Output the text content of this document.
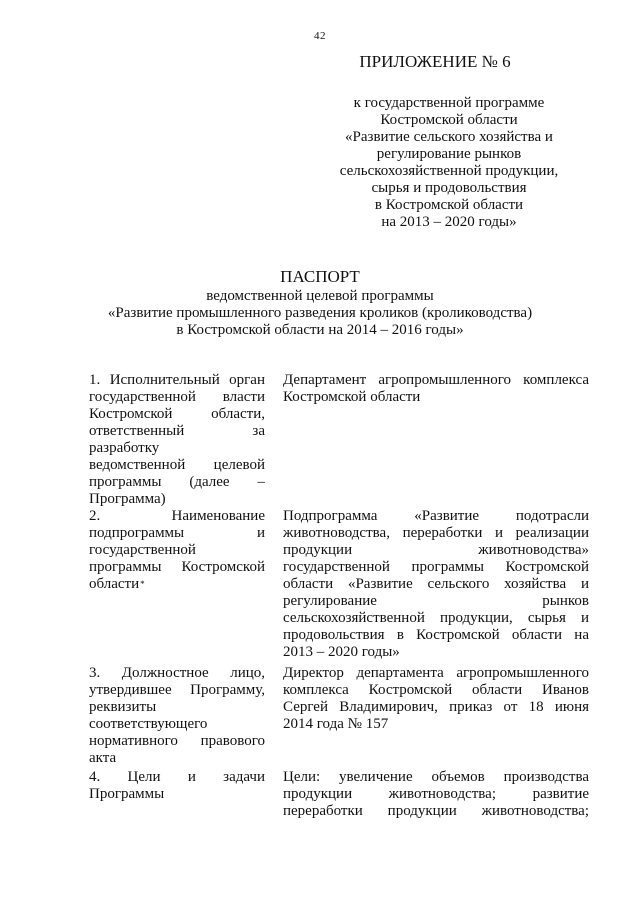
42
ПРИЛОЖЕНИЕ № 6
к государственной программе
Костромской области
«Развитие сельского хозяйства и
регулирование рынков
сельскохозяйственной продукции,
сырья и продовольствия
в Костромской области
на 2013 – 2020 годы»
ПАСПОРТ
ведомственной целевой программы
«Развитие промышленного разведения кроликов (кролиководства)
в Костромской области на 2014 – 2016 годы»
1. Исполнительный орган
государственной власти
Костромской области,
ответственный за
разработку
ведомственной целевой
программы (далее –
Программа)
Департамент агропромышленного комплекса
Костромской области
2. Наименование
подпрограммы и
государственной
программы Костромской
области*
Подпрограмма «Развитие подотрасли
животноводства, переработки и реализации
продукции животноводства»
государственной программы Костромской
области «Развитие сельского хозяйства и
регулирование рынков
сельскохозяйственной продукции, сырья и
продовольствия в Костромской области на
2013 – 2020 годы»
3. Должностное лицо,
утвердившее Программу,
реквизиты
соответствующего
нормативного правового
акта
Директор департамента агропромышленного
комплекса Костромской области Иванов
Сергей Владимирович, приказ от 18 июня
2014 года № 157
4. Цели и задачи
Программы
Цели: увеличение объемов производства
продукции животноводства; развитие
переработки продукции животноводства;
